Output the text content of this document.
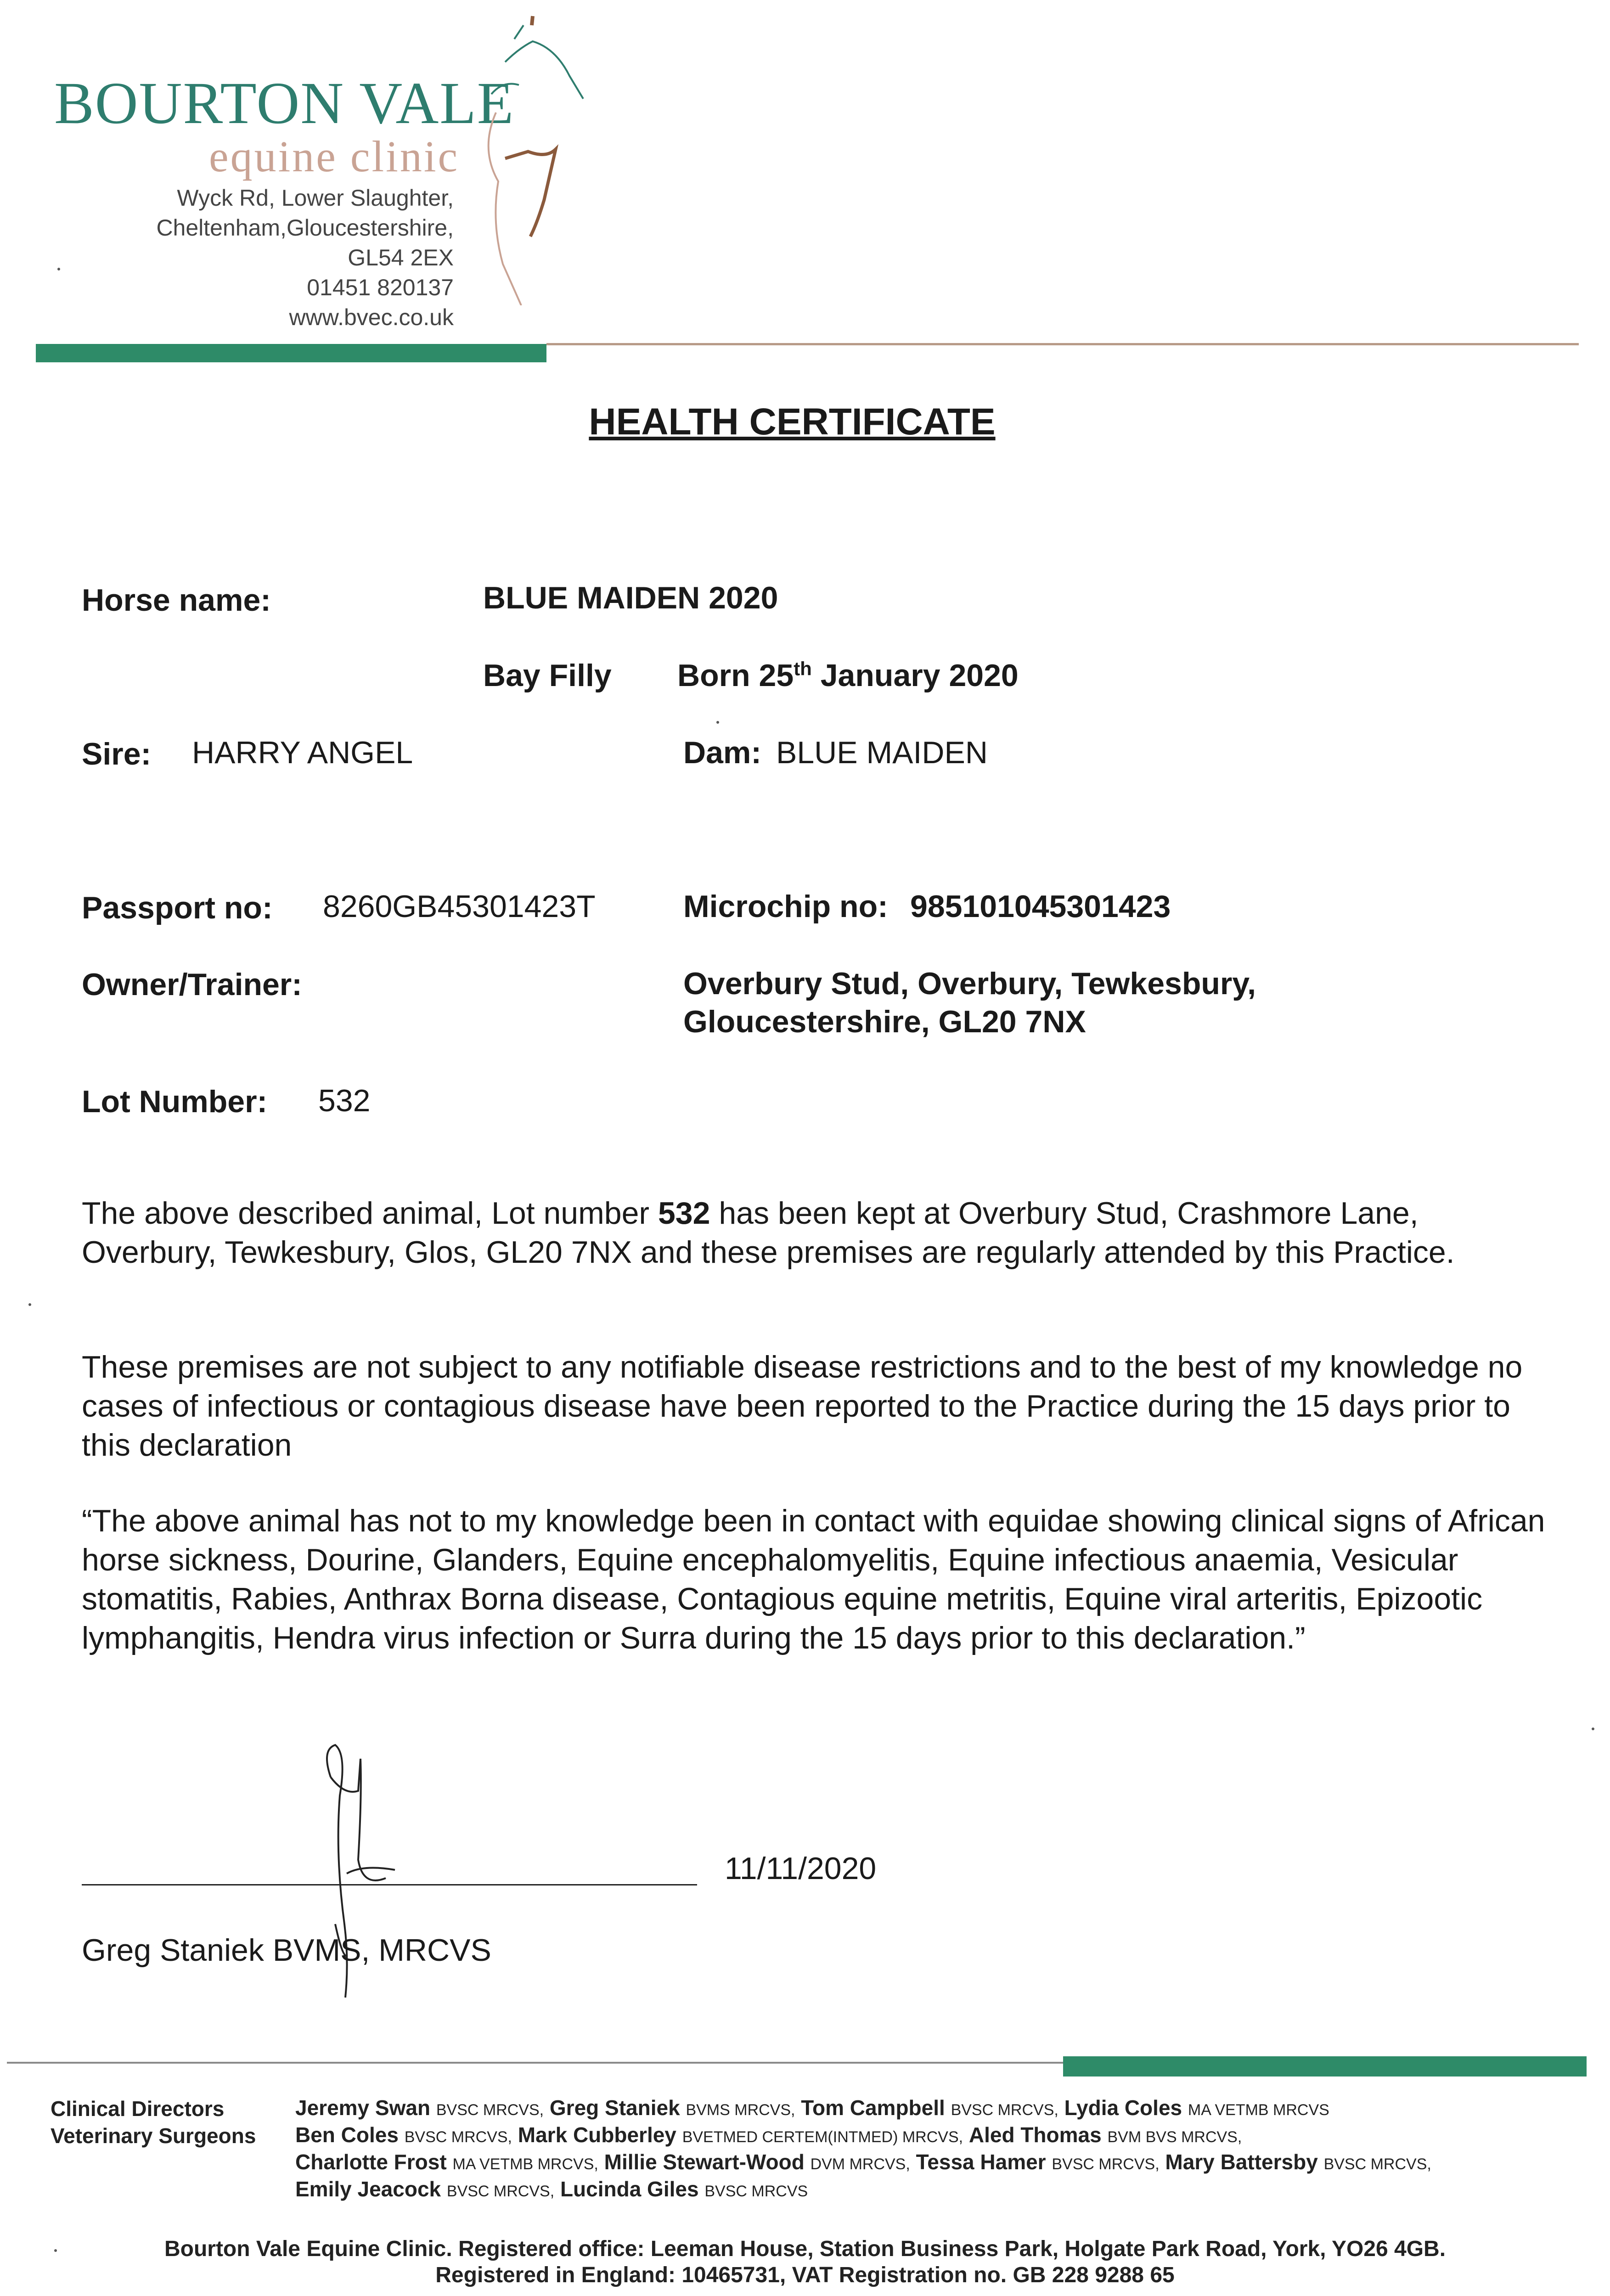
BOURTON VALE
equine clinic
Wyck Rd, Lower Slaughter,
Cheltenham,Gloucestershire,
GL54 2EX
01451 820137
www.bvec.co.uk
HEALTH CERTIFICATE
Horse name:	BLUE MAIDEN 2020
Bay Filly Born 25th January 2020
Sire: HARRY ANGEL	Dam: BLUE MAIDEN
Passport no: 8260GB45301423T	Microchip no: 985101045301423
Owner/Trainer:	Overbury Stud, Overbury, Tewkesbury,
Gloucestershire, GL20 7NX
Lot Number: 532
The above described animal, Lot number 532 has been kept at Overbury Stud, Crashmore Lane, Overbury, Tewkesbury, Glos, GL20 7NX and these premises are regularly attended by this Practice.
These premises are not subject to any notifiable disease restrictions and to the best of my knowledge no cases of infectious or contagious disease have been reported to the Practice during the 15 days prior to this declaration
“The above animal has not to my knowledge been in contact with equidae showing clinical signs of African horse sickness, Dourine, Glanders, Equine encephalomyelitis, Equine infectious anaemia, Vesicular stomatitis, Rabies, Anthrax Borna disease, Contagious equine metritis, Equine viral arteritis, Epizootic lymphangitis, Hendra virus infection or Surra during the 15 days prior to this declaration.”
11/11/2020
Greg Staniek BVMS, MRCVS
Clinical Directors
Veterinary Surgeons
Jeremy Swan BVSC MRCVS, Greg Staniek BVMS MRCVS, Tom Campbell BVSC MRCVS, Lydia Coles MA VETMB MRCVS
Ben Coles BVSC MRCVS, Mark Cubberley BVETMED CERTEM(INTMED) MRCVS, Aled Thomas BVM BVS MRCVS,
Charlotte Frost MA VETMB MRCVS, Millie Stewart-Wood DVM MRCVS, Tessa Hamer BVSC MRCVS, Mary Battersby BVSC MRCVS,
Emily Jeacock BVSC MRCVS, Lucinda Giles BVSC MRCVS
Bourton Vale Equine Clinic. Registered office: Leeman House, Station Business Park, Holgate Park Road, York, YO26 4GB.
Registered in England: 10465731, VAT Registration no. GB 228 9288 65
